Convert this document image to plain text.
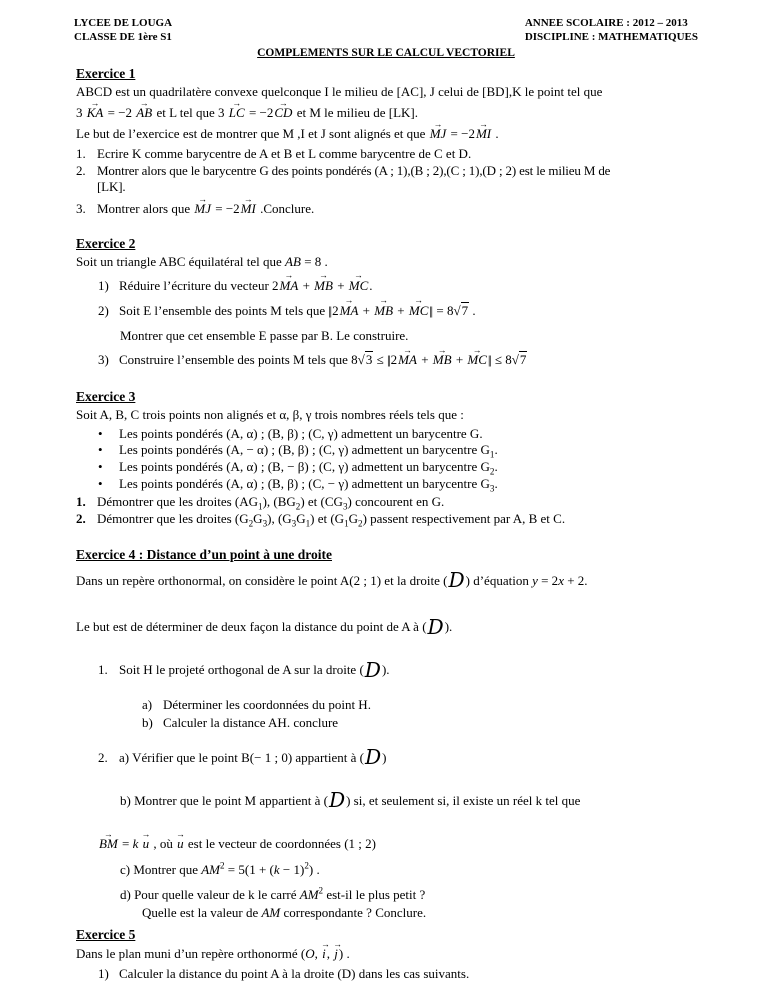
LYCEE DE LOUGA
CLASSE DE 1ère S1
ANNEE SCOLAIRE : 2012 – 2013
DISCIPLINE : MATHEMATIQUES
COMPLEMENTS SUR LE CALCUL VECTORIEL
Exercice 1
ABCD est un quadrilatère convexe quelconque I le milieu de [AC], J celui de [BD],K le point tel que
3
→
KA = −2
→
AB et L tel que 3
→
LC = −2
→
CD et M le milieu de [LK].
Le but de l’exercice est de montrer que M ,I et J sont alignés et que
→
MJ = −2
→
MI .
1. Ecrire K comme barycentre de A et B et L comme barycentre de C et D.
2. Montrer alors que le barycentre G des points pondérés (A ; 1),(B ; 2),(C ; 1),(D ; 2) est le milieu M de
[LK].
3. Montrer alors que
→
MJ = −2
→
MI .Conclure.
Exercice 2
Soit un triangle ABC équilatéral tel que AB = 8 .
1) Réduire l’écriture du vecteur 2
→
MA +
→
MB +
→
MC.
2) Soit E l’ensemble des points M tels que || 2
→
MA +
→
MB +
→
MC|| = 8√7 .
Montrer que cet ensemble E passe par B. Le construire.
3) Construire l’ensemble des points M tels que 8√3 ≤ || 2
→
MA +
→
MB +
→
MC|| ≤ 8√7
Exercice 3
Soit A, B, C trois points non alignés et α, β, γ trois nombres réels tels que :
•	Les points pondérés (A, α) ; (B, β) ; (C, γ) admettent un barycentre G.
•	Les points pondérés (A, − α) ; (B, β) ; (C, γ) admettent un barycentre $G_1$.
•	Les points pondérés (A, α) ; (B, − β) ; (C, γ) admettent un barycentre $G_2$.
•	Les points pondérés (A, α) ; (B, β) ; (C, − γ) admettent un barycentre $G_3$.
1. Démontrer que les droites $(AG_1)$, $(BG_2)$ et $(CG_3)$ concourent en G.
2. Démontrer que les droites $(G_2G_3)$, $(G_3G_1)$ et $(G_1G_2)$ passent respectivement par A, B et C.
Exercice 4 : Distance d’un point à une droite
Dans un repère orthonormal, on considère le point A(2 ; 1) et la droite (D) d’équation y = 2x + 2.
Le but est de déterminer de deux façon la distance du point de A à (D).
1. Soit H le projeté orthogonal de A sur la droite (D).
a) Déterminer les coordonnées du point H.
b) Calculer la distance AH. conclure
2. a) Vérifier que le point B(− 1 ; 0) appartient à (D)
b) Montrer que le point M appartient à (D) si, et seulement si, il existe un réel k tel que
→
BM = k
→
u , où
→
u est le vecteur de coordonnées (1 ; 2)
c) Montrer que $AM^2 = 5(1 + (k - 1)^2)$ .
d) Pour quelle valeur de k le carré $AM^2$ est-il le plus petit ?
Quelle est la valeur de AM correspondante ? Conclure.
Exercice 5
Dans le plan muni d’un repère orthonormé (O,
→
i,
→
j) .
1) Calculer la distance du point A à la droite (D) dans les cas suivants.
